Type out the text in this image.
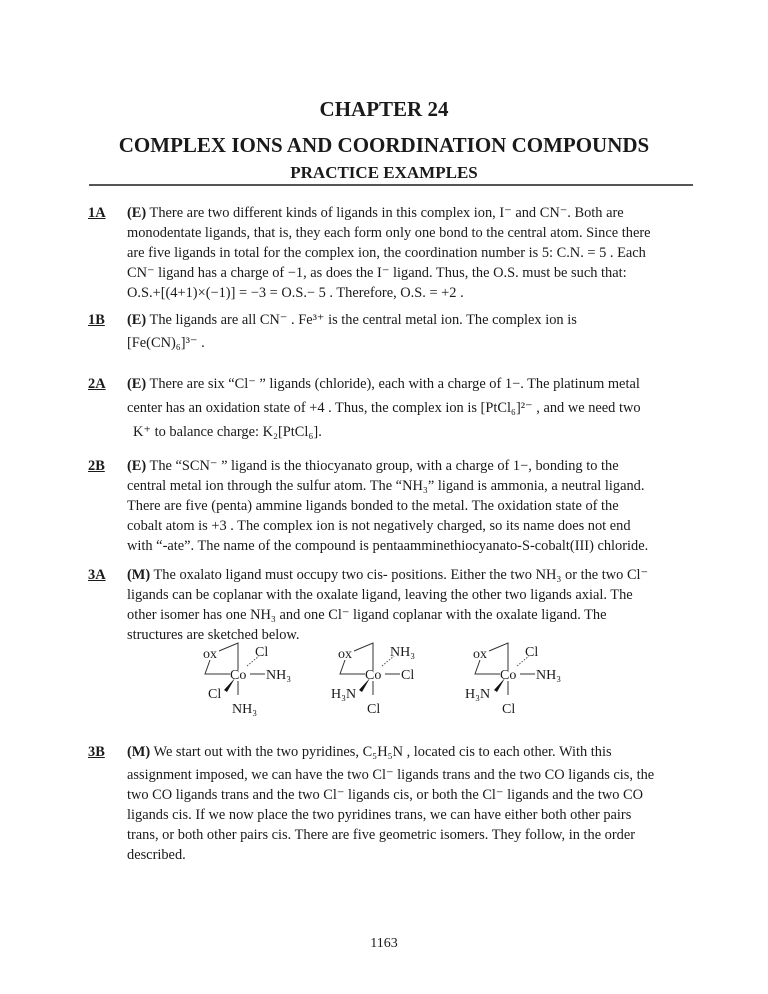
CHAPTER 24
COMPLEX IONS AND COORDINATION COMPOUNDS
PRACTICE EXAMPLES
1A (E) There are two different kinds of ligands in this complex ion, I⁻ and CN⁻. Both are

monodentate ligands, that is, they each form only one bond to the central atom. Since there

are five ligands in total for the complex ion, the coordination number is 5: C.N. = 5 . Each

CN⁻ ligand has a charge of −1, as does the I⁻ ligand. Thus, the O.S. must be such that:

O.S.+[(4+1)×(−1)] = −3 = O.S.− 5 . Therefore, O.S. = +2 .

1B (E) The ligands are all CN⁻ . Fe³⁺ is the central metal ion. The complex ion is

[Fe(CN)₆]³⁻ .

2A (E) There are six “Cl⁻ ” ligands (chloride), each with a charge of 1−. The platinum metal

center has an oxidation state of +4 . Thus, the complex ion is [PtCl₆]²⁻ , and we need two

K⁺ to balance charge: K₂[PtCl₆].

2B (E) The “SCN⁻ ” ligand is the thiocyanato group, with a charge of 1−, bonding to the

central metal ion through the sulfur atom. The “NH₃” ligand is ammonia, a neutral ligand.

There are five (penta) ammine ligands bonded to the metal. The oxidation state of the

cobalt atom is +3 . The complex ion is not negatively charged, so its name does not end

with “-ate”. The name of the compound is pentaamminethiocyanato-S-cobalt(III) chloride.

3A (M) The oxalato ligand must occupy two cis- positions. Either the two NH₃ or the two Cl⁻

ligands can be coplanar with the oxalate ligand, leaving the other two ligands axial. The

other isomer has one NH₃ and one Cl⁻ ligand coplanar with the oxalate ligand. The

structures are sketched below.

ox
Co
Cl
NH₃
Cl
NH₃
ox
Co
NH₃
Cl
H₃N
Cl
ox
Co
Cl
NH₃
H₃N
Cl
3B (M) We start out with the two pyridines, C₅H₅N , located cis to each other. With this

assignment imposed, we can have the two Cl⁻ ligands trans and the two CO ligands cis, the

two CO ligands trans and the two Cl⁻ ligands cis, or both the Cl⁻ ligands and the two CO

ligands cis. If we now place the two pyridines trans, we can have either both other pairs

trans, or both other pairs cis. There are five geometric isomers. They follow, in the order

described.

1163
